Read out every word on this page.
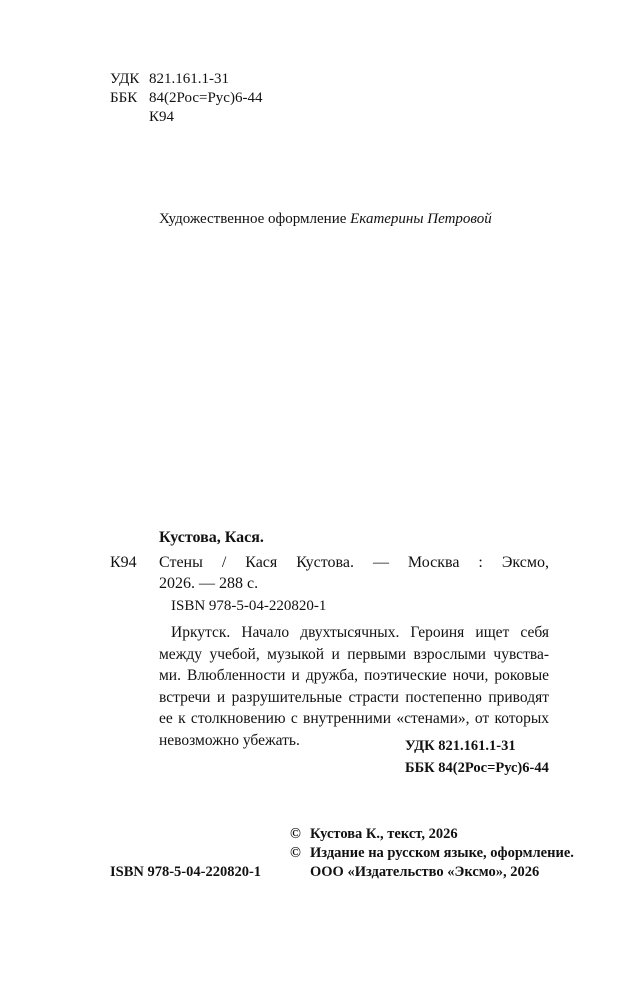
УДК 821.161.1-31
ББК 84(2Рос=Рус)6-44
К94
Художественное оформление Екатерины Петровой
Кустова, Кася.
К94 Стены / Кася Кустова. — Москва : Эксмо,
2026. — 288 с.
ISBN 978-5-04-220820-1

Иркутск. Начало двухтысячных. Героиня ищет себя

между учебой, музыкой и первыми взрослыми чувства-

ми. Влюбленности и дружба, поэтические ночи, роковые

встречи и разрушительные страсти постепенно приводят

ее к столкновению с внутренними «стенами», от которых

невозможно убежать.	УДК 821.161.1-31
ББК 84(2Рос=Рус)6-44
© Кустова К., текст, 2026
© Издание на русском языке, оформление.
ООО «Издательство «Эксмо», 2026
ISBN 978-5-04-220820-1
